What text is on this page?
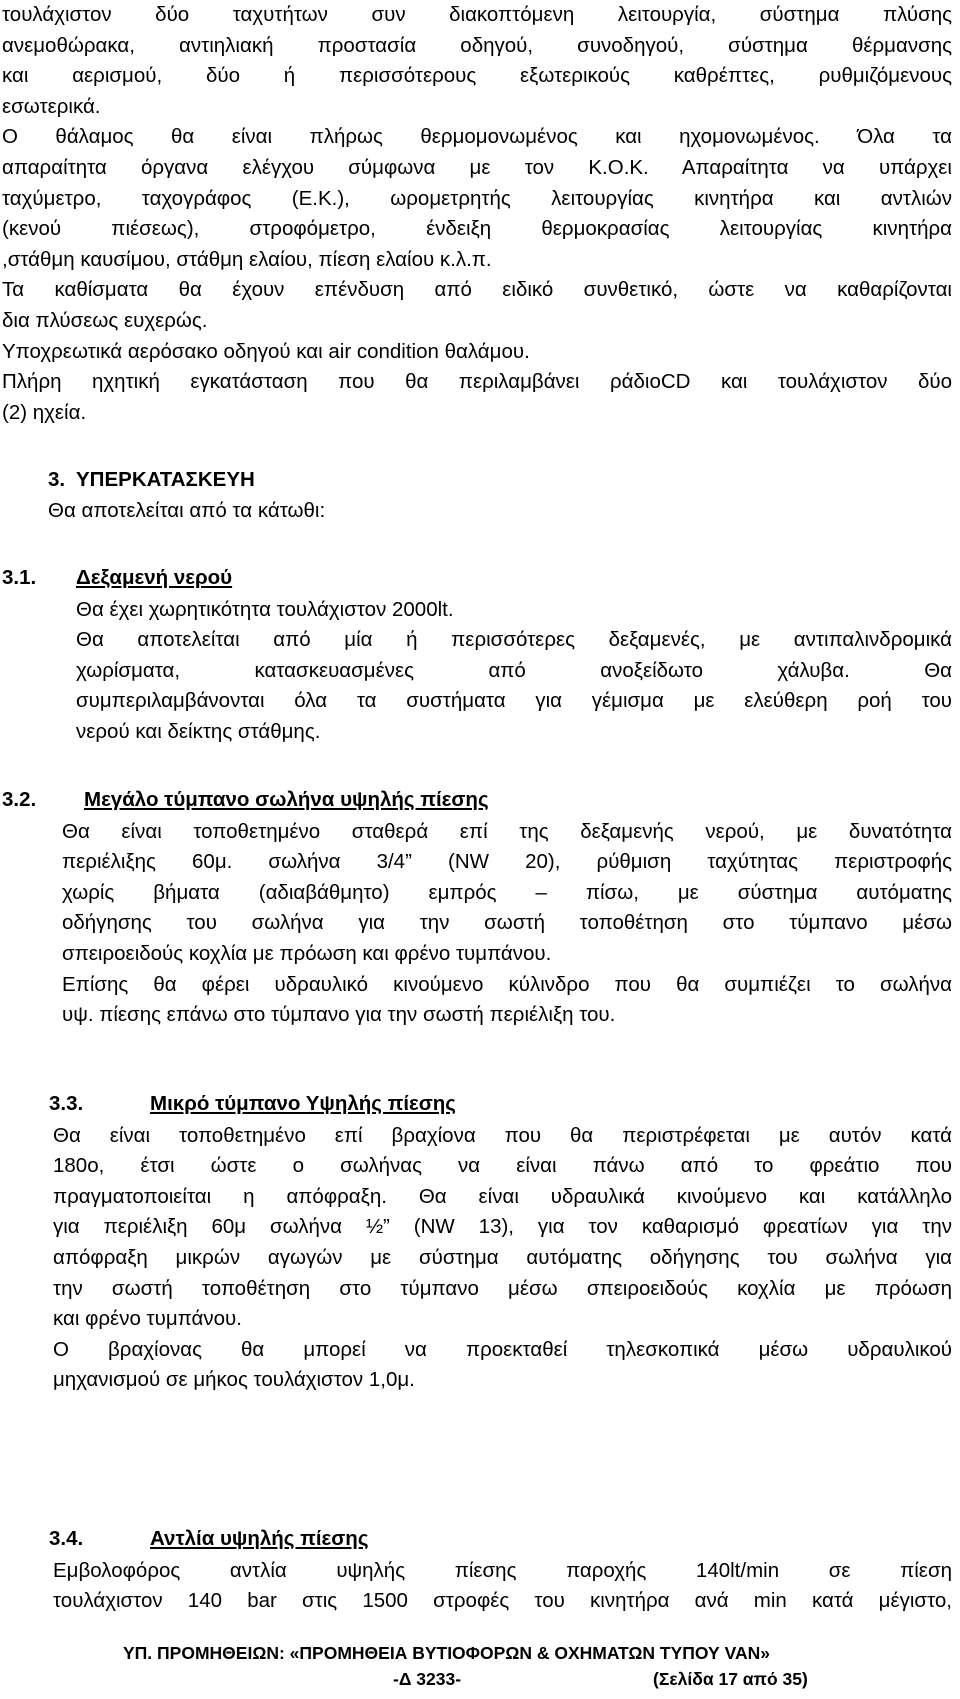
τουλάχιστον δύο ταχυτήτων συν διακοπτόμενη λειτουργία, σύστημα πλύσης
ανεμοθώρακα, αντιηλιακή προστασία οδηγού, συνοδηγού, σύστημα θέρμανσης
και αερισμού, δύο ή περισσότερους εξωτερικούς καθρέπτες, ρυθμιζόμενους
εσωτερικά.
Ο θάλαμος θα είναι πλήρως θερμομονωμένος και ηχομονωμένος. Όλα τα
απαραίτητα όργανα ελέγχου σύμφωνα με τον Κ.Ο.Κ. Απαραίτητα να υπάρχει
ταχύμετρο, ταχογράφος (Ε.Κ.), ωρομετρητής λειτουργίας κινητήρα και αντλιών
(κενού πιέσεως), στροφόμετρο, ένδειξη θερμοκρασίας λειτουργίας κινητήρα
,στάθμη καυσίμου, στάθμη ελαίου, πίεση ελαίου κ.λ.π.
Τα καθίσματα θα έχουν επένδυση από ειδικό συνθετικό, ώστε να καθαρίζονται
δια πλύσεως ευχερώς.
Υποχρεωτικά αερόσακο οδηγού και air condition θαλάμου.
Πλήρη ηχητική εγκατάσταση που θα περιλαμβάνει ράδιοCD και τουλάχιστον δύο
(2) ηχεία.
3. ΥΠΕΡΚΑΤΑΣΚΕΥΗ
Θα αποτελείται από τα κάτωθι:
3.1. Δεξαμενή νερού
Θα έχει χωρητικότητα τουλάχιστον 2000lt.
Θα αποτελείται από μία ή περισσότερες δεξαμενές, με αντιπαλινδρομικά
χωρίσματα, κατασκευασμένες από ανοξείδωτο χάλυβα. Θα
συμπεριλαμβάνονται όλα τα συστήματα για γέμισμα με ελεύθερη ροή του
νερού και δείκτης στάθμης.
3.2. Μεγάλο τύμπανο σωλήνα υψηλής πίεσης
Θα είναι τοποθετημένο σταθερά επί της δεξαμενής νερού, με δυνατότητα
περιέλιξης 60μ. σωλήνα 3/4” (NW 20), ρύθμιση ταχύτητας περιστροφής
χωρίς βήματα (αδιαβάθμητο) εμπρός – πίσω, με σύστημα αυτόματης
οδήγησης του σωλήνα για την σωστή τοποθέτηση στο τύμπανο μέσω
σπειροειδούς κοχλία με πρόωση και φρένο τυμπάνου.
Επίσης θα φέρει υδραυλικό κινούμενο κύλινδρο που θα συμπιέζει το σωλήνα
υψ. πίεσης επάνω στο τύμπανο για την σωστή περιέλιξη του.
3.3.	Μικρό τύμπανο Υψηλής πίεσης
Θα είναι τοποθετημένο επί βραχίονα που θα περιστρέφεται με αυτόν κατά
180ο, έτσι ώστε ο σωλήνας να είναι πάνω από το φρεάτιο που
πραγματοποιείται η απόφραξη. Θα είναι υδραυλικά κινούμενο και κατάλληλο
για περιέλιξη 60μ σωλήνα ½” (NW 13), για τον καθαρισμό φρεατίων για την
απόφραξη μικρών αγωγών με σύστημα αυτόματης οδήγησης του σωλήνα για
την σωστή τοποθέτηση στο τύμπανο μέσω σπειροειδούς κοχλία με πρόωση
και φρένο τυμπάνου.
Ο βραχίονας θα μπορεί να προεκταθεί τηλεσκοπικά μέσω υδραυλικού
μηχανισμού σε μήκος τουλάχιστον 1,0μ.
3.4.	Αντλία υψηλής πίεσης
Εμβολοφόρος αντλία υψηλής πίεσης παροχής 140lt/min σε πίεση
τουλάχιστον 140 bar στις 1500 στροφές του κινητήρα ανά min κατά μέγιστο,
ΥΠ. ΠΡΟΜΗΘΕΙΩΝ: «ΠΡΟΜΗΘΕΙΑ ΒΥΤΙΟΦΟΡΩΝ & ΟΧΗΜΑΤΩΝ ΤΥΠΟΥ VAN»
-Δ 3233-	(Σελίδα 17 από 35)
